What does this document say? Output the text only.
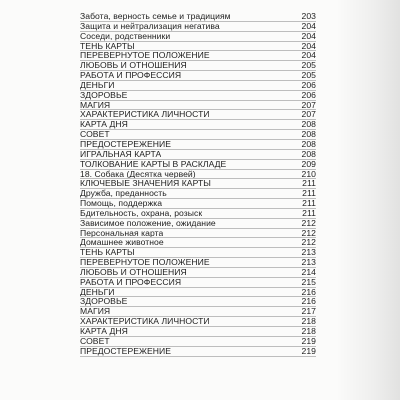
Забота, верность семье и традициям	203
Защита и нейтрализация негатива	204
Соседи, родственники	204
ТЕНЬ КАРТЫ	204
ПЕРЕВЕРНУТОЕ ПОЛОЖЕНИЕ	204
ЛЮБОВЬ И ОТНОШЕНИЯ	205
РАБОТА И ПРОФЕССИЯ	205
ДЕНЬГИ	206
ЗДОРОВЬЕ	206
МАГИЯ	207
ХАРАКТЕРИСТИКА ЛИЧНОСТИ	207
КАРТА ДНЯ	208
СОВЕТ	208
ПРЕДОСТЕРЕЖЕНИЕ	208
ИГРАЛЬНАЯ КАРТА	208
ТОЛКОВАНИЕ КАРТЫ В РАСКЛАДЕ	209
18. Собака (Десятка червей)	210
КЛЮЧЕВЫЕ ЗНАЧЕНИЯ КАРТЫ	211
Дружба, преданность	211
Помощь, поддержка	211
Бдительность, охрана, розыск	211
Зависимое положение, ожидание	212
Персональная карта	212
Домашнее животное	212
ТЕНЬ КАРТЫ	213
ПЕРЕВЕРНУТОЕ ПОЛОЖЕНИЕ	213
ЛЮБОВЬ И ОТНОШЕНИЯ	214
РАБОТА И ПРОФЕССИЯ	215
ДЕНЬГИ	216
ЗДОРОВЬЕ	216
МАГИЯ	217
ХАРАКТЕРИСТИКА ЛИЧНОСТИ	218
КАРТА ДНЯ	218
СОВЕТ	219
ПРЕДОСТЕРЕЖЕНИЕ	219
